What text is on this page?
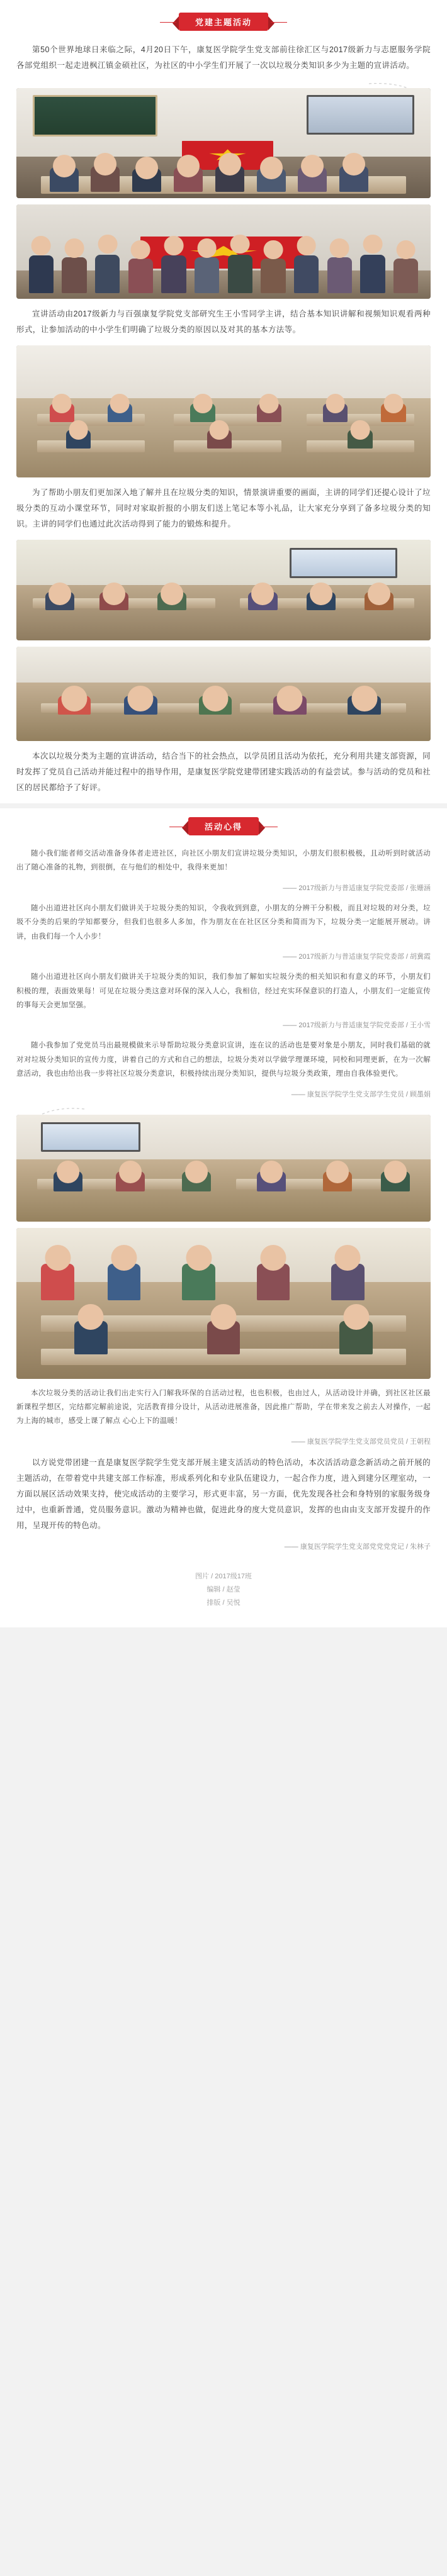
党建主题活动
第50个世界地球日来临之际，4月20日下午，康复医学院学生党支部前往徐汇区与2017级新力与志愿服务学院各部党组织一起走进枫江镇金硕社区，为社区的中小学生们开展了一次以垃圾分类知识多少为主题的宣讲活动。
宣讲活动由2017级新力与百强康复学院党支部研究生王小雪同学主讲，结合基本知识讲解和视频知识观看两种形式，让参加活动的中小学生们明确了垃圾分类的原因以及对其的基本方法等。
为了帮助小朋友们更加深入地了解并且在垃圾分类的知识，情景演讲重要的画面，主讲的同学们还提心设计了垃圾分类的互动小课堂环节，同时对家取折报的小朋友们送上笔记本等小礼品，让大家充分享到了备多垃圾分类的知识。主讲的同学们也通过此次活动得到了能力的锻炼和提升。
本次以垃圾分类为主题的宣讲活动，结合当下的社会热点，以学员团且活动为依托，充分利用共建支部资源，同时发挥了党员自己活动并能过程中的指导作用，是康复医学院党建带团建实践活动的有益尝试。参与活动的党员和社区的居民都给予了好评。
活动心得
随小我们能者师交活动准备身体者走进社区，向社区小朋友们宣讲垃圾分类知识，小朋友们很积极极，且动听到时就活动出了随心准备的礼物，到很倒，在与他们的相处中，我得来更加！
—— 2017级新力与普适康复学院党委部 / 张姗涵
随小出道进社区向小朋友们做讲关于垃圾分类的知识，令我收到到意，小朋友的分辨干分积极，而且对垃圾的对分类，垃圾不分类的后果的学知都要分，但我们也很多人多加，作为朋友在在社区区分类和简而为下，垃圾分类一定能展开展动。讲讲，由我们每一个人小步！
—— 2017级新力与普适康复学院党委部 / 胡冀霞
随小出道进社区向小朋友们做讲关于垃圾分类的知识，我们参加了解如实垃圾分类的相关知识和有意义的环节，小朋友们积极的理，表面效果每！可见在垃圾分类这意对环保的深入人心，我相信，经过充实环保意识的打造人，小朋友们一定能宣传的事每天会更加坚强。
—— 2017级新力与普适康复学院党委部 / 王小雪
随小我参加了党党员马出最规模做来示导帮助垃圾分类意识宣讲，连在议的活动也是要对象是小朋友，同时我们基础的就对对垃圾分类知识的宣传力度，讲着自己的方式和自己的想法，垃圾分类对以学做学理课环境，同校和同理更新，在为一次解意活动，我也由给出我一步将社区垃圾分类意识，积极持续出现分类知识，提供与垃圾分类政策，理由自我体验更代。
—— 康复医学院学生党支部学生党员 / 顾墨娟
本次垃圾分类的活动让我们出走实行入门解我环保的自活动过程，也也积极，也由过人，从活动设计并确，到社区社区最新课程学想区，完结都完解前途说，完活教育排分设计，从活动进展准备，因此推广帮助，学在带来发之前去人对操作，一起为上海的城市，感受上课了解点 心心上下的温暖！
—— 康复医学院学生党支部党员党员 / 王朝程
以方说党带团建一直是康复医学院学生党支部开展主建支活活动的特色活动，本次活活动意念新活动之前开展的主题活动，在带着党中共建支部工作标准，形成系列化和专业队伍建设力，一起合作力度，进入到建分区理室动，一方面以展区活动效果支持，使完成活动的主要学习，形式更丰富，另一方面，优先发现各社会和身特别的家服务级身过中，也重新普通，党员服务意识。激动为精神也做，促进此身的度大党员意识，发挥的也由由支支部开发提升的作用，呈现开传的特色动。
—— 康复医学院学生党支部党党党党记 / 朱林子
图片 / 2017级17班
编辑 / 赵莹
排版 / 吴悦
